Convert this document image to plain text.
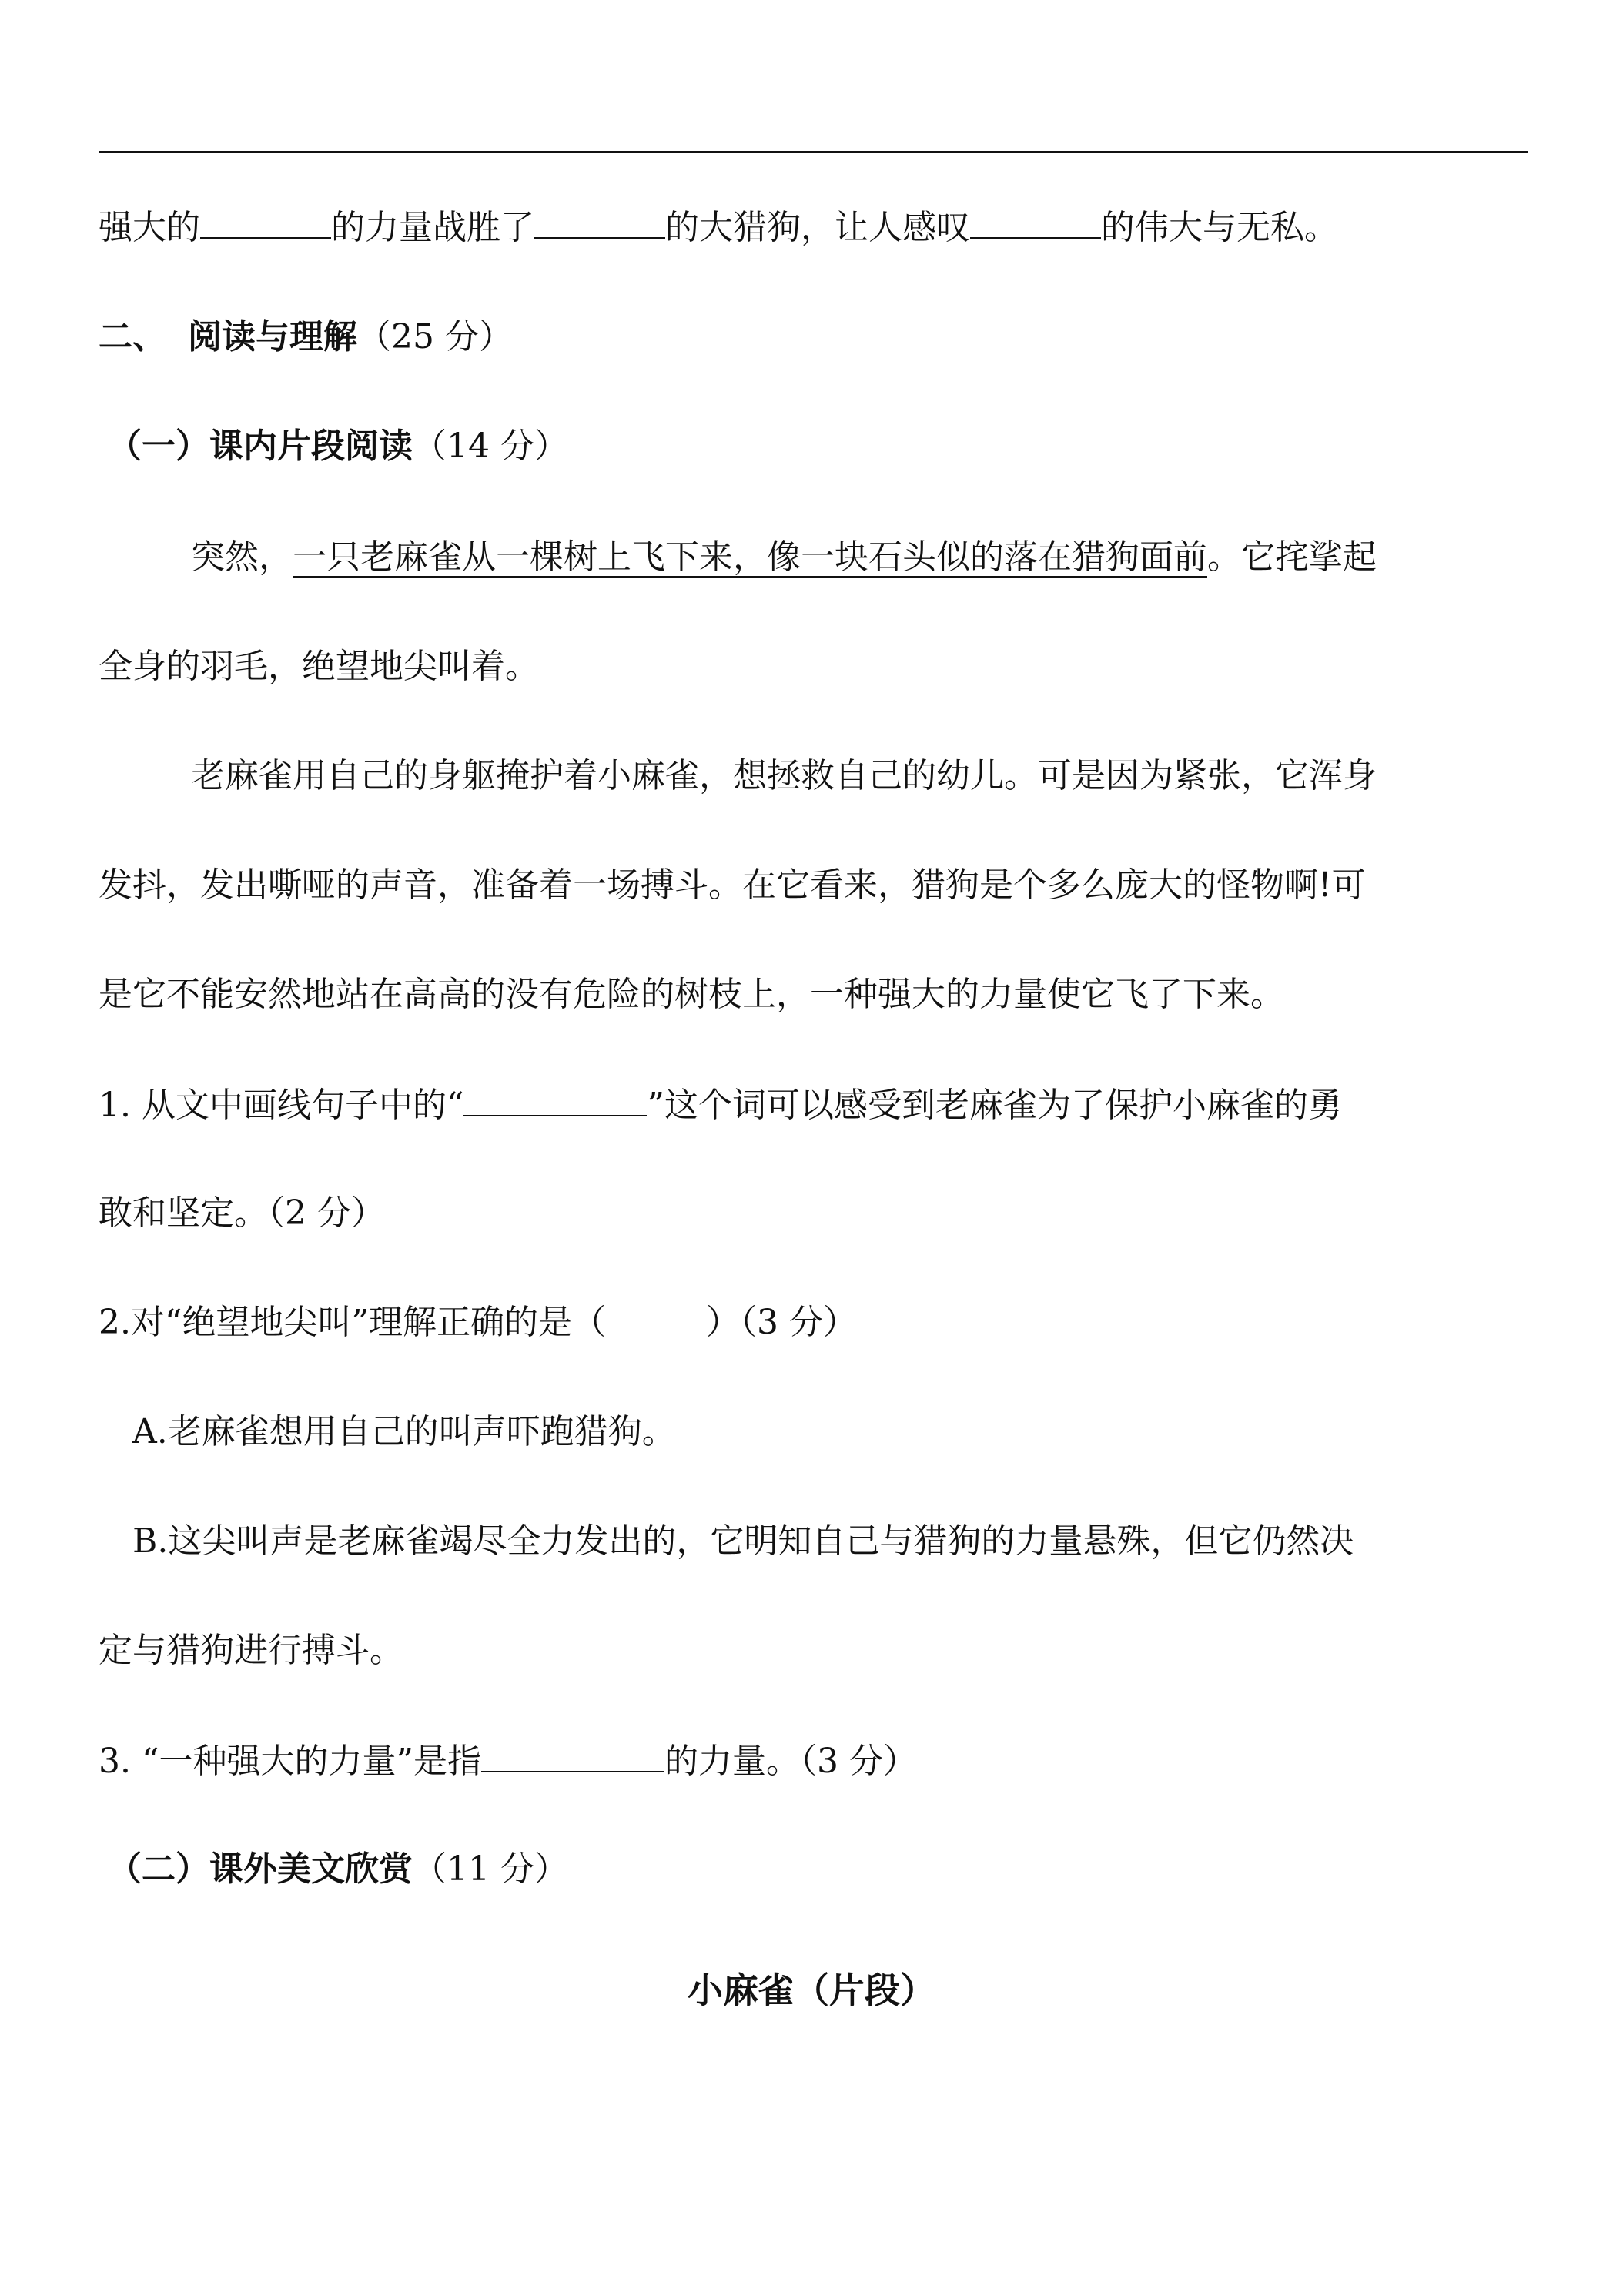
强大的	的力量战胜了	的大猎狗，让人感叹	的伟大与无私。
二、 阅读与理解（25 分）
（一）课内片段阅读（14 分）
突然，一只老麻雀从一棵树上飞下来，像一块石头似的落在猎狗面前。它挓挲起
全身的羽毛，绝望地尖叫着。
老麻雀用自己的身躯掩护着小麻雀，想拯救自己的幼儿。可是因为紧张，它浑身
发抖，发出嘶哑的声音，准备着一场搏斗。在它看来，猎狗是个多么庞大的怪物啊!可
是它不能安然地站在高高的没有危险的树枝上，一种强大的力量使它飞了下来。
1. 从文中画线句子中的“	”这个词可以感受到老麻雀为了保护小麻雀的勇
敢和坚定。（2 分）
2.对“绝望地尖叫”理解正确的是（	）（3 分）
A.老麻雀想用自己的叫声吓跑猎狗。
B.这尖叫声是老麻雀竭尽全力发出的，它明知自己与猎狗的力量悬殊，但它仍然决
定与猎狗进行搏斗。
3. “一种强大的力量”是指	的力量。（3 分）
（二）课外美文欣赏（11 分）
小麻雀（片段）
